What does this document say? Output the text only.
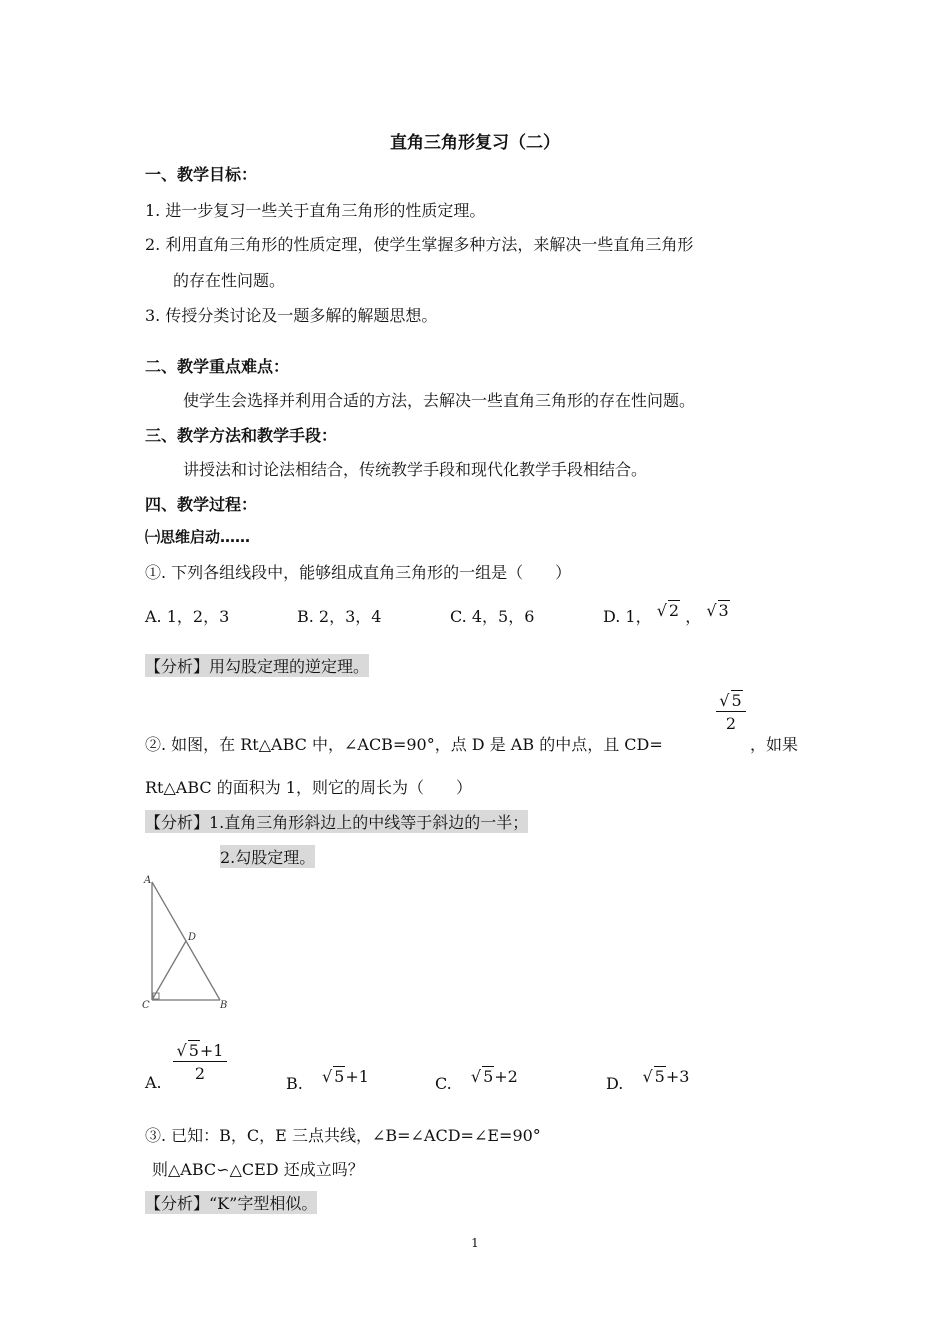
直角三角形复习（二）
一、教学目标：
1. 进一步复习一些关于直角三角形的性质定理。
2. 利用直角三角形的性质定理，使学生掌握多种方法，来解决一些直角三角形
的存在性问题。
3. 传授分类讨论及一题多解的解题思想。
二、教学重点难点：
使学生会选择并利用合适的方法，去解决一些直角三角形的存在性问题。
三、教学方法和教学手段：
讲授法和讨论法相结合，传统教学手段和现代化教学手段相结合。
四、教学过程：
㈠思维启动……
①. 下列各组线段中，能够组成直角三角形的一组是（　　）
A. 1，2，3	B. 2，3，4	C. 4，5，6	D. 1， √ 2 ， √ 3
【分析】用勾股定理的逆定理。
②. 如图，在 Rt△ABC 中，∠ACB=90°，点 D 是 AB 的中点，且 CD=
√ 5
2
，如果
Rt△ABC 的面积为 1，则它的周长为（　　）
【分析】1.直角三角形斜边上的中线等于斜边的一半；
2.勾股定理。
A
B
C
D
A.
√ 5+1
2
B. √ 5+1	C. √ 5+2	D. √ 5+3
③. 已知：B，C，E 三点共线，∠B=∠ACD=∠E=90°
则△ABC∽△CED 还成立吗？
【分析】“K”字型相似。
1
